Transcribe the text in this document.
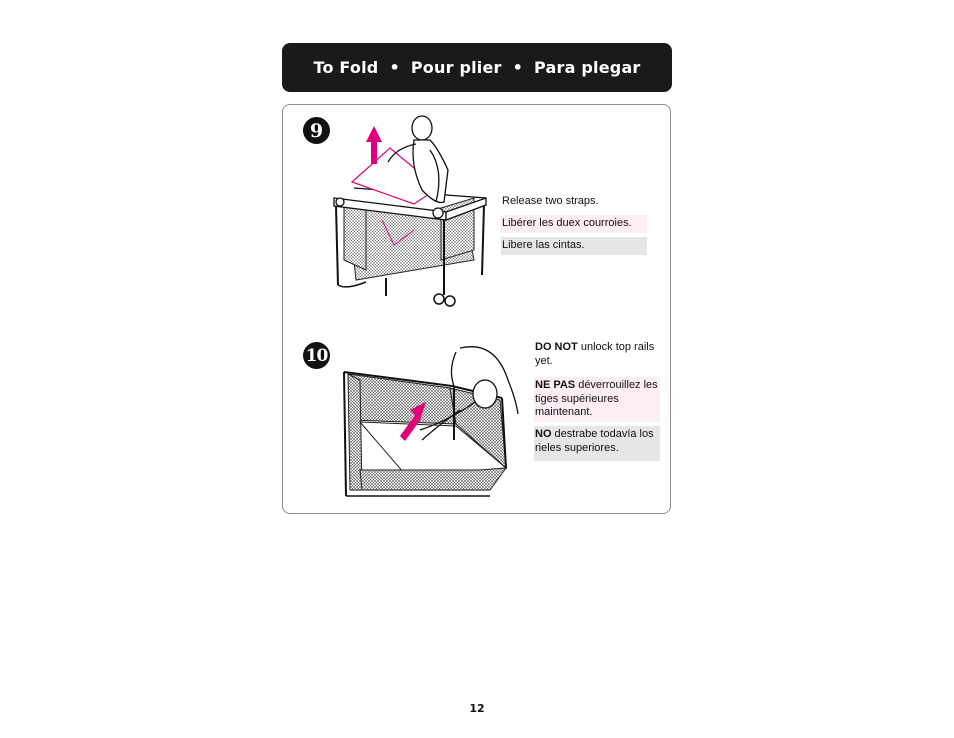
To Fold • Pour plier • Para plegar
9
Release two straps.
Libérer les duex courroies.
Libere las cintas.
10	DO NOT unlock top rails yet.
NE PAS déverrouillez les tiges supérieures maintenant.
NO destrabe todavía los rieles superiores.
12
